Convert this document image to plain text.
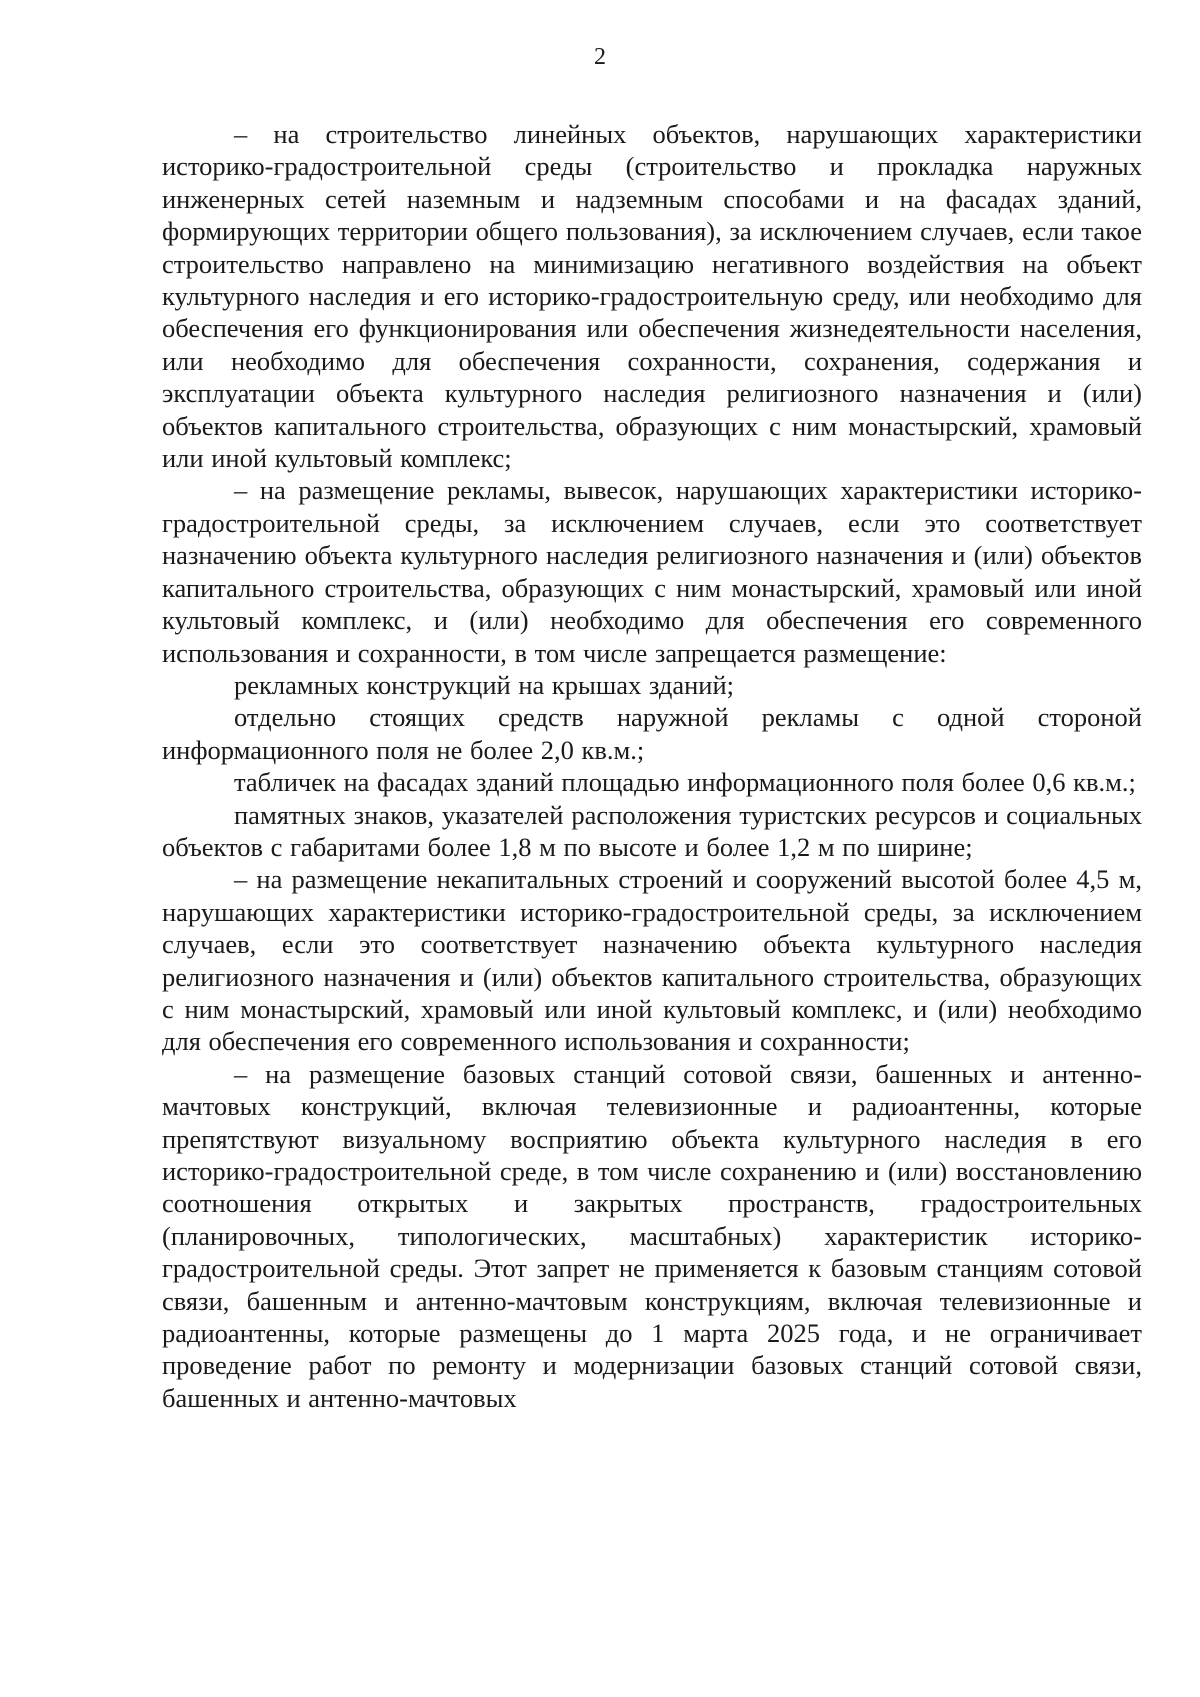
2

– на строительство линейных объектов, нарушающих характеристики историко-градостроительной среды (строительство и прокладка наружных инженерных сетей наземным и надземным способами и на фасадах зданий, формирующих территории общего пользования), за исключением случаев, если такое строительство направлено на минимизацию негативного воздействия на объект культурного наследия и его историко-градостроительную среду, или необходимо для обеспечения его функционирования или обеспечения жизнедеятельности населения, или необходимо для обеспечения сохранности, сохранения, содержания и эксплуатации объекта культурного наследия религиозного назначения и (или) объектов капитального строительства, образующих с ним монастырский, храмовый или иной культовый комплекс;

– на размещение рекламы, вывесок, нарушающих характеристики историко-градостроительной среды, за исключением случаев, если это соответствует назначению объекта культурного наследия религиозного назначения и (или) объектов капитального строительства, образующих с ним монастырский, храмовый или иной культовый комплекс, и (или) необходимо для обеспечения его современного использования и сохранности, в том числе запрещается размещение:

рекламных конструкций на крышах зданий;

отдельно стоящих средств наружной рекламы с одной стороной информационного поля не более 2,0 кв.м.;

табличек на фасадах зданий площадью информационного поля более 0,6 кв.м.;

памятных знаков, указателей расположения туристских ресурсов и социальных объектов с габаритами более 1,8 м по высоте и более 1,2 м по ширине;

– на размещение некапитальных строений и сооружений высотой более 4,5 м, нарушающих характеристики историко-градостроительной среды, за исключением случаев, если это соответствует назначению объекта культурного наследия религиозного назначения и (или) объектов капитального строительства, образующих с ним монастырский, храмовый или иной культовый комплекс, и (или) необходимо для обеспечения его современного использования и сохранности;

– на размещение базовых станций сотовой связи, башенных и антенно-мачтовых конструкций, включая телевизионные и радиоантенны, которые препятствуют визуальному восприятию объекта культурного наследия в его историко-градостроительной среде, в том числе сохранению и (или) восстановлению соотношения открытых и закрытых пространств, градостроительных (планировочных, типологических, масштабных) характеристик историко-градостроительной среды. Этот запрет не применяется к базовым станциям сотовой связи, башенным и антенно-мачтовым конструкциям, включая телевизионные и радиоантенны, которые размещены до 1 марта 2025 года, и не ограничивает проведение работ по ремонту и модернизации базовых станций сотовой связи, башенных и антенно-мачтовых
